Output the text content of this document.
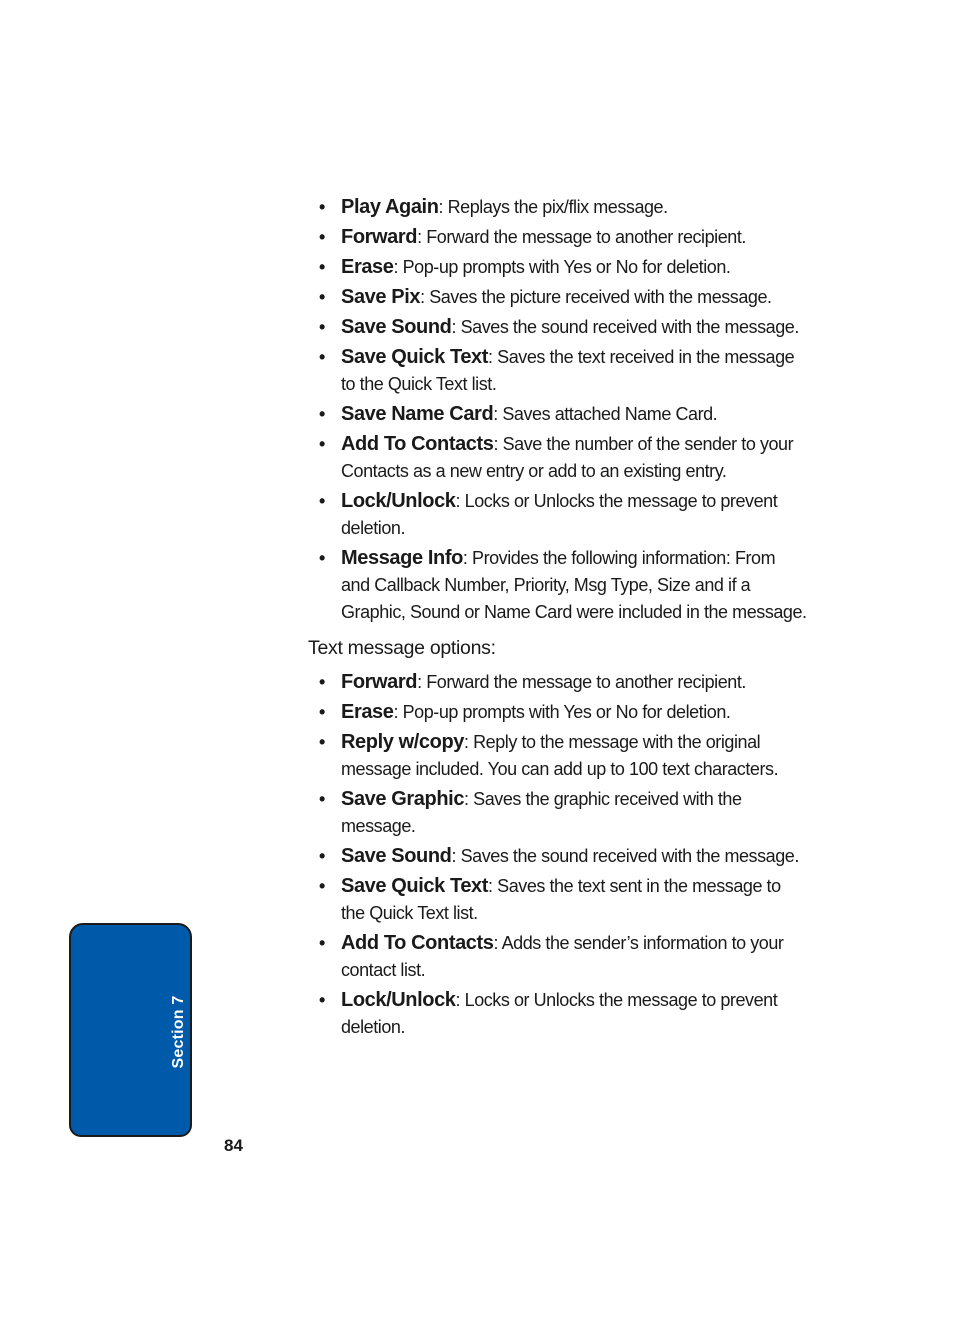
• Play Again: Replays the pix/flix message.
• Forward: Forward the message to another recipient.
• Erase: Pop-up prompts with Yes or No for deletion.
• Save Pix: Saves the picture received with the message.
• Save Sound: Saves the sound received with the message.
• Save Quick Text: Saves the text received in the message to the Quick Text list.
• Save Name Card: Saves attached Name Card.
• Add To Contacts: Save the number of the sender to your Contacts as a new entry or add to an existing entry.
• Lock/Unlock: Locks or Unlocks the message to prevent deletion.
• Message Info: Provides the following information: From and Callback Number, Priority, Msg Type, Size and if a Graphic, Sound or Name Card were included in the message.
Text message options:
• Forward: Forward the message to another recipient.
• Erase: Pop-up prompts with Yes or No for deletion.
• Reply w/copy: Reply to the message with the original message included. You can add up to 100 text characters.
• Save Graphic: Saves the graphic received with the message.
• Save Sound: Saves the sound received with the message.
• Save Quick Text: Saves the text sent in the message to the Quick Text list.
• Add To Contacts: Adds the sender’s information to your contact list.
• Lock/Unlock: Locks or Unlocks the message to prevent deletion.
Section 7
84
